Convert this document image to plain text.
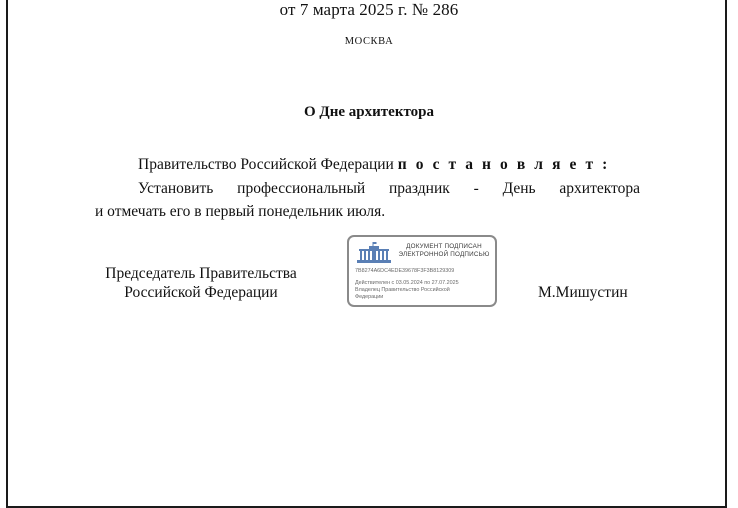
от 7 марта 2025 г. № 286
МОСКВА
О Дне архитектора
Правительство Российской Федерации п о с т а н о в л я е т :
Установить профессиональный праздник - День архитектора
и отмечать его в первый понедельник июля.
Председатель Правительства
Российской Федерации
ДОКУМЕНТ ПОДПИСАН
ЭЛЕКТРОННОЙ ПОДПИСЬЮ
7B8274A6DC4EDE39678F3F3B8129309
Действителен с 03.05.2024 по 27.07.2025
Владелец Правительство Российской
Федерации	М.Мишустин
